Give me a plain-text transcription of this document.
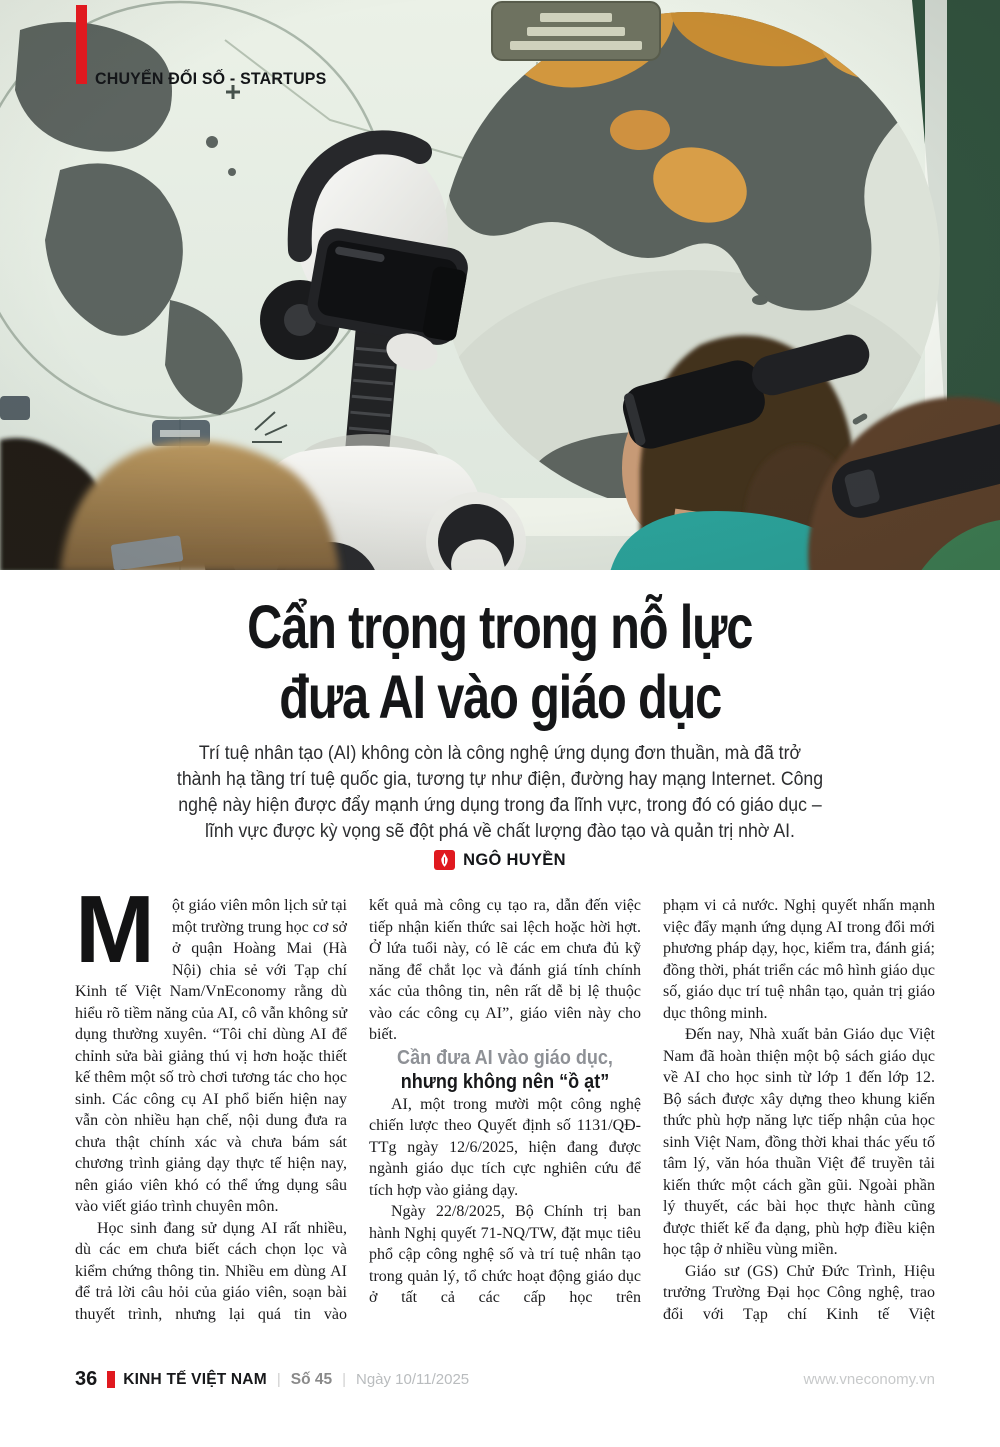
CHUYỂN ĐỔI SỐ - STARTUPS
Cẩn trọng trong nỗ lực
đưa AI vào giáo dục

Trí tuệ nhân tạo (AI) không còn là công nghệ ứng dụng đơn thuần, mà đã trở thành hạ tầng trí tuệ quốc gia, tương tự như điện, đường hay mạng Internet. Công nghệ này hiện được đẩy mạnh ứng dụng trong đa lĩnh vực, trong đó có giáo dục – lĩnh vực được kỳ vọng sẽ đột phá về chất lượng đào tạo và quản trị nhờ AI.

NGÔ HUYỀN

M	ột giáo viên môn lịch sử tại một trường trung học cơ sở ở quận Hoàng Mai (Hà Nội) chia sẻ với Tạp chí Kinh tế Việt Nam/VnEconomy rằng dù hiểu rõ tiềm năng của AI, cô vẫn không sử dụng thường xuyên. “Tôi chỉ dùng AI để chỉnh sửa bài giảng thú vị hơn hoặc thiết kế thêm một số trò chơi tương tác cho học sinh. Các công cụ AI phổ biến hiện nay vẫn còn nhiều hạn chế, nội dung đưa ra chưa thật chính xác và chưa bám sát chương trình giảng dạy thực tế hiện nay, nên giáo viên khó có thể ứng dụng sâu vào viết giáo trình chuyên môn.

Học sinh đang sử dụng AI rất nhiều, dù các em chưa biết cách chọn lọc và kiểm chứng thông tin. Nhiều em dùng AI để trả lời câu hỏi của giáo viên, soạn bài thuyết trình, nhưng lại quá tin vào

kết quả mà công cụ tạo ra, dẫn đến việc tiếp nhận kiến thức sai lệch hoặc hời hợt. Ở lứa tuổi này, có lẽ các em chưa đủ kỹ năng để chắt lọc và đánh giá tính chính xác của thông tin, nên rất dễ bị lệ thuộc vào các công cụ AI”, giáo viên này cho biết.

Cần đưa AI vào giáo dục,
nhưng không nên “ồ ạt”

AI, một trong mười một công nghệ chiến lược theo Quyết định số 1131/QĐ-TTg ngày 12/6/2025, hiện đang được ngành giáo dục tích cực nghiên cứu để tích hợp vào giảng dạy.

Ngày 22/8/2025, Bộ Chính trị ban hành Nghị quyết 71-NQ/TW, đặt mục tiêu phổ cập công nghệ số và trí tuệ nhân tạo trong quản lý, tổ chức hoạt động giáo dục ở tất cả các cấp học trên

phạm vi cả nước. Nghị quyết nhấn mạnh việc đẩy mạnh ứng dụng AI trong đổi mới phương pháp dạy, học, kiểm tra, đánh giá; đồng thời, phát triển các mô hình giáo dục số, giáo dục trí tuệ nhân tạo, quản trị giáo dục thông minh.

Đến nay, Nhà xuất bản Giáo dục Việt Nam đã hoàn thiện một bộ sách giáo dục về AI cho học sinh từ lớp 1 đến lớp 12. Bộ sách được xây dựng theo khung kiến thức phù hợp năng lực tiếp nhận của học sinh Việt Nam, đồng thời khai thác yếu tố tâm lý, văn hóa thuần Việt để truyền tải kiến thức một cách gần gũi. Ngoài phần lý thuyết, các bài học thực hành cũng được thiết kế đa dạng, phù hợp điều kiện học tập ở nhiều vùng miền.

Giáo sư (GS) Chử Đức Trình, Hiệu trưởng Trường Đại học Công nghệ, trao đổi với Tạp chí Kinh tế Việt

36 KINH TẾ VIỆT NAM | Số 45 | Ngày 10/11/2025	www.vneconomy.vn
